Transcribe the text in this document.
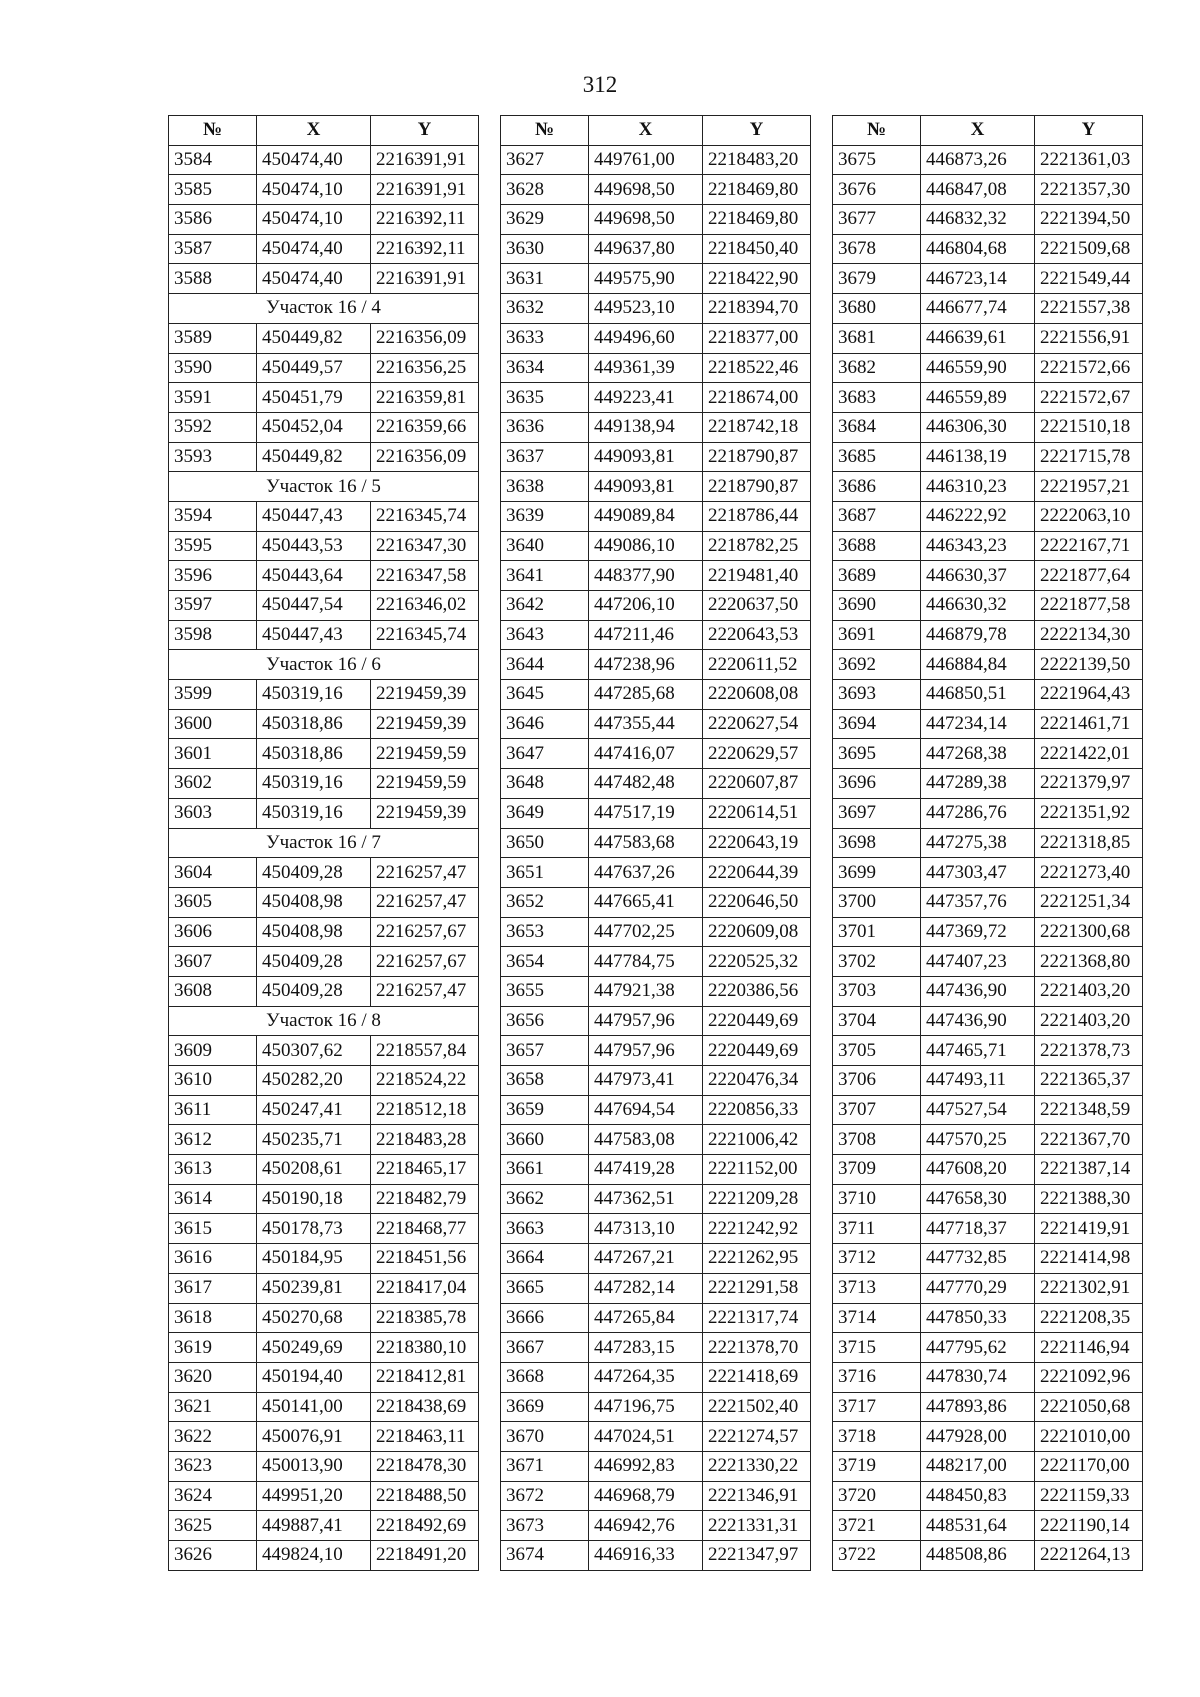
312
№	X	Y
3584	450474,40	2216391,91
3585	450474,10	2216391,91
3586	450474,10	2216392,11
3587	450474,40	2216392,11
3588	450474,40	2216391,91
Участок 16 / 4		
3589	450449,82	2216356,09
3590	450449,57	2216356,25
3591	450451,79	2216359,81
3592	450452,04	2216359,66
3593	450449,82	2216356,09
Участок 16 / 5		
3594	450447,43	2216345,74
3595	450443,53	2216347,30
3596	450443,64	2216347,58
3597	450447,54	2216346,02
3598	450447,43	2216345,74
Участок 16 / 6		
3599	450319,16	2219459,39
3600	450318,86	2219459,39
3601	450318,86	2219459,59
3602	450319,16	2219459,59
3603	450319,16	2219459,39
Участок 16 / 7		
3604	450409,28	2216257,47
3605	450408,98	2216257,47
3606	450408,98	2216257,67
3607	450409,28	2216257,67
3608	450409,28	2216257,47
Участок 16 / 8		
3609	450307,62	2218557,84
3610	450282,20	2218524,22
3611	450247,41	2218512,18
3612	450235,71	2218483,28
3613	450208,61	2218465,17
3614	450190,18	2218482,79
3615	450178,73	2218468,77
3616	450184,95	2218451,56
3617	450239,81	2218417,04
3618	450270,68	2218385,78
3619	450249,69	2218380,10
3620	450194,40	2218412,81
3621	450141,00	2218438,69
3622	450076,91	2218463,11
3623	450013,90	2218478,30
3624	449951,20	2218488,50
3625	449887,41	2218492,69
3626	449824,10	2218491,20
№	X	Y
3627	449761,00	2218483,20
3628	449698,50	2218469,80
3629	449698,50	2218469,80
3630	449637,80	2218450,40
3631	449575,90	2218422,90
3632	449523,10	2218394,70
3633	449496,60	2218377,00
3634	449361,39	2218522,46
3635	449223,41	2218674,00
3636	449138,94	2218742,18
3637	449093,81	2218790,87
3638	449093,81	2218790,87
3639	449089,84	2218786,44
3640	449086,10	2218782,25
3641	448377,90	2219481,40
3642	447206,10	2220637,50
3643	447211,46	2220643,53
3644	447238,96	2220611,52
3645	447285,68	2220608,08
3646	447355,44	2220627,54
3647	447416,07	2220629,57
3648	447482,48	2220607,87
3649	447517,19	2220614,51
3650	447583,68	2220643,19
3651	447637,26	2220644,39
3652	447665,41	2220646,50
3653	447702,25	2220609,08
3654	447784,75	2220525,32
3655	447921,38	2220386,56
3656	447957,96	2220449,69
3657	447957,96	2220449,69
3658	447973,41	2220476,34
3659	447694,54	2220856,33
3660	447583,08	2221006,42
3661	447419,28	2221152,00
3662	447362,51	2221209,28
3663	447313,10	2221242,92
3664	447267,21	2221262,95
3665	447282,14	2221291,58
3666	447265,84	2221317,74
3667	447283,15	2221378,70
3668	447264,35	2221418,69
3669	447196,75	2221502,40
3670	447024,51	2221274,57
3671	446992,83	2221330,22
3672	446968,79	2221346,91
3673	446942,76	2221331,31
3674	446916,33	2221347,97
№	X	Y
3675	446873,26	2221361,03
3676	446847,08	2221357,30
3677	446832,32	2221394,50
3678	446804,68	2221509,68
3679	446723,14	2221549,44
3680	446677,74	2221557,38
3681	446639,61	2221556,91
3682	446559,90	2221572,66
3683	446559,89	2221572,67
3684	446306,30	2221510,18
3685	446138,19	2221715,78
3686	446310,23	2221957,21
3687	446222,92	2222063,10
3688	446343,23	2222167,71
3689	446630,37	2221877,64
3690	446630,32	2221877,58
3691	446879,78	2222134,30
3692	446884,84	2222139,50
3693	446850,51	2221964,43
3694	447234,14	2221461,71
3695	447268,38	2221422,01
3696	447289,38	2221379,97
3697	447286,76	2221351,92
3698	447275,38	2221318,85
3699	447303,47	2221273,40
3700	447357,76	2221251,34
3701	447369,72	2221300,68
3702	447407,23	2221368,80
3703	447436,90	2221403,20
3704	447436,90	2221403,20
3705	447465,71	2221378,73
3706	447493,11	2221365,37
3707	447527,54	2221348,59
3708	447570,25	2221367,70
3709	447608,20	2221387,14
3710	447658,30	2221388,30
3711	447718,37	2221419,91
3712	447732,85	2221414,98
3713	447770,29	2221302,91
3714	447850,33	2221208,35
3715	447795,62	2221146,94
3716	447830,74	2221092,96
3717	447893,86	2221050,68
3718	447928,00	2221010,00
3719	448217,00	2221170,00
3720	448450,83	2221159,33
3721	448531,64	2221190,14
3722	448508,86	2221264,13
